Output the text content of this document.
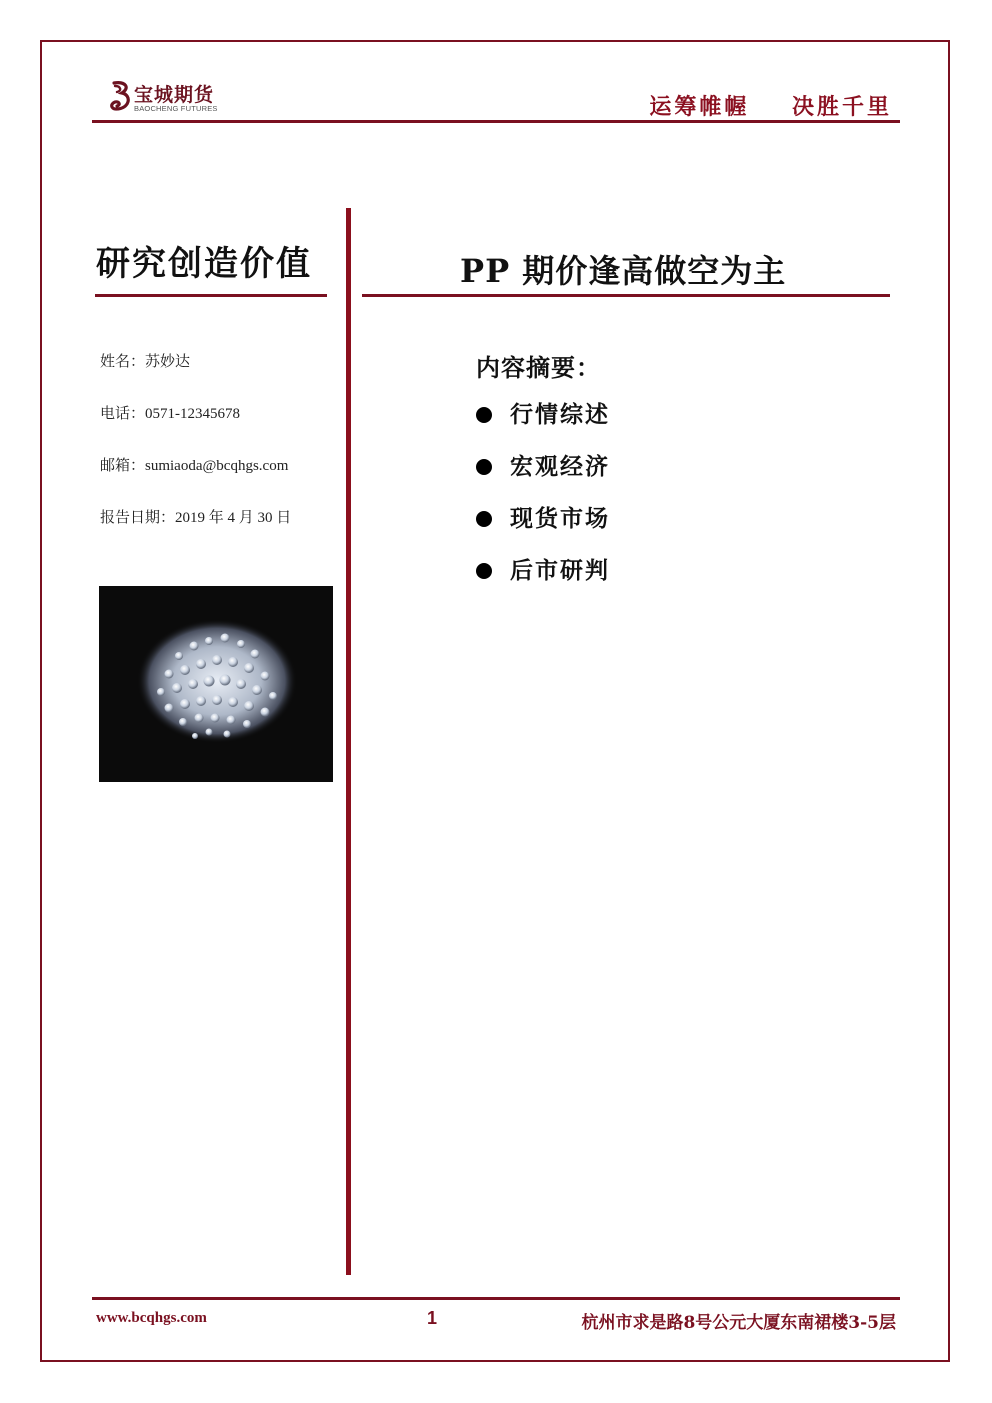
宝城期货
BAOCHENG FUTURES	运筹帷幄    决胜千里
研究创造价值
姓名：苏妙达
电话：0571-12345678
邮箱：sumiaoda@bcqhgs.com
报告日期：2019 年 4 月 30 日
PP 期价逢高做空为主
内容摘要：
行情综述
宏观经济
现货市场
后市研判
www.bcqhgs.com	1	杭州市求是路8号公元大厦东南裙楼3-5层
